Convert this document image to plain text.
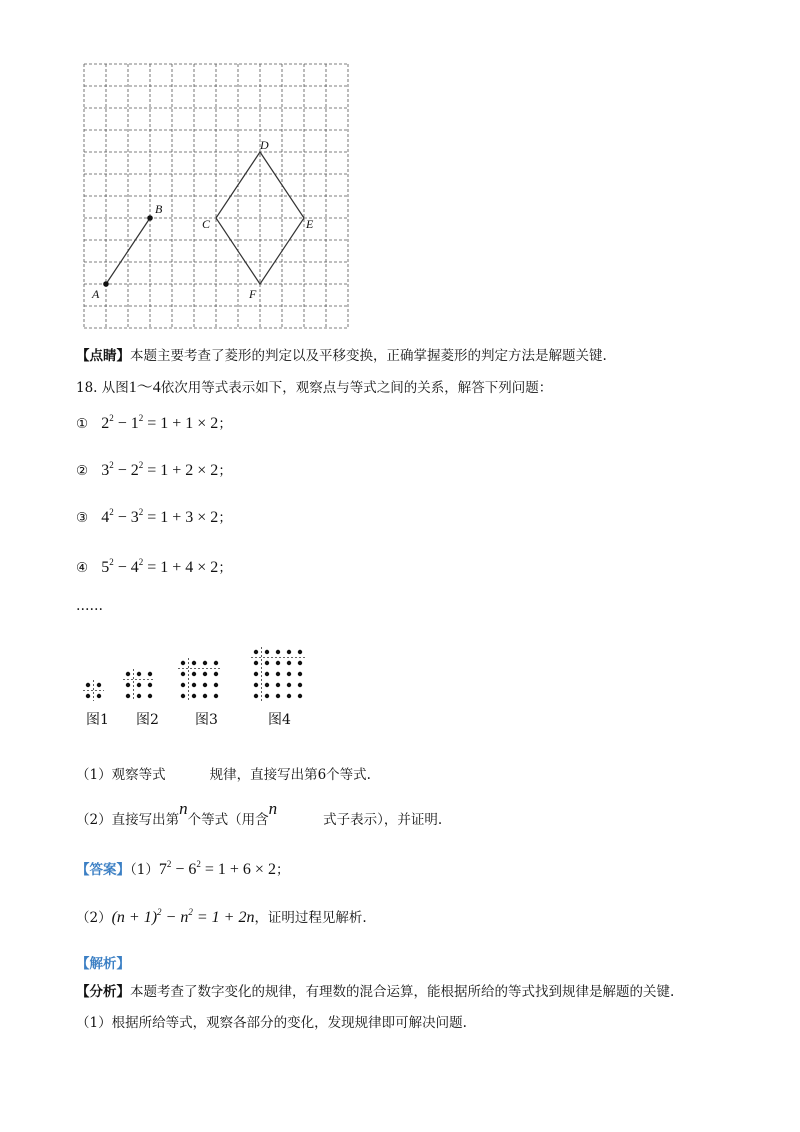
A
B
C
D
E
F
【点睛】本题主要考查了菱形的判定以及平移变换，正确掌握菱形的判定方法是解题关键.
18. 从图1～4依次用等式表示如下，观察点与等式之间的关系，解答下列问题：
① $2^2 - 1^2 = 1 + 1 \times 2$；
② $3^2 - 2^2 = 1 + 2 \times 2$；
③ $4^2 - 3^2 = 1 + 3 \times 2$；
④ $5^2 - 4^2 = 1 + 4 \times 2$；
……
图1 图2	图3	图4
（1）观察等式	规律，直接写出第6个等式.
（2）直接写出第n个等式（用含n式子表示），并证明.
【答案】$(1)7^2 - 6^2 = 1 + 6 \times 2$；
$(2)(n + 1)^2 - n^2 = 1 + 2n$，证明过程见解析.
【解析】
【分析】本题考查了数字变化的规律，有理数的混合运算，能根据所给的等式找到规律是解题的关键.
（1）根据所给等式，观察各部分的变化，发现规律即可解决问题.
